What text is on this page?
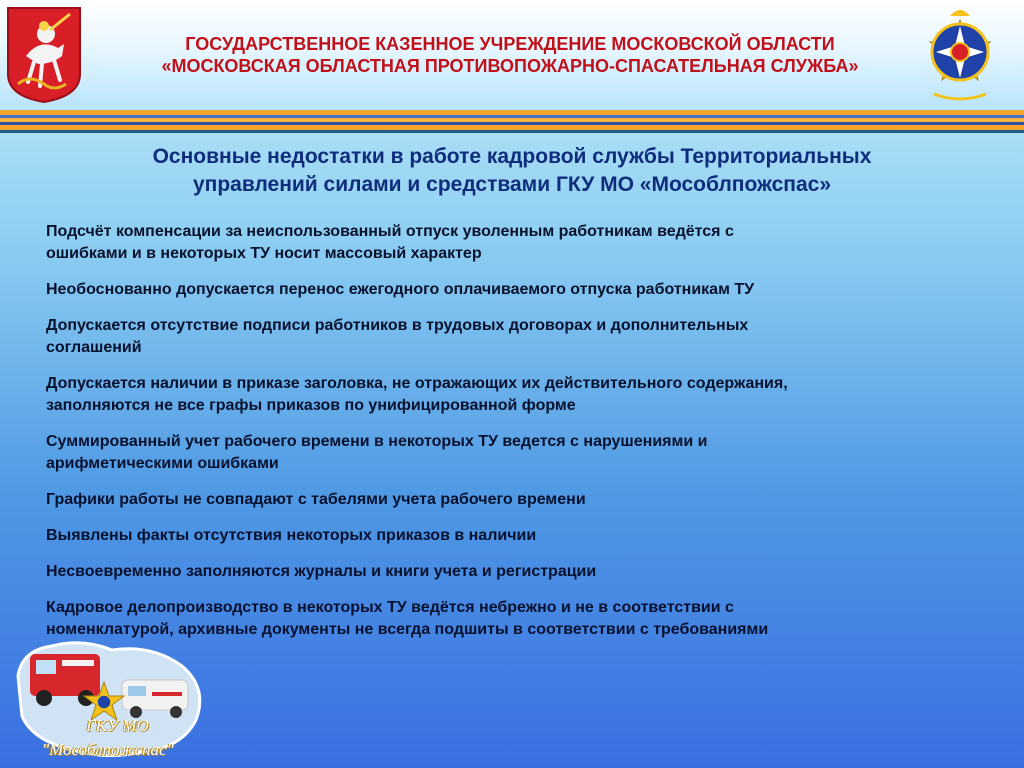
ГОСУДАРСТВЕННОЕ КАЗЕННОЕ УЧРЕЖДЕНИЕ МОСКОВСКОЙ ОБЛАСТИ

«МОСКОВСКАЯ ОБЛАСТНАЯ ПРОТИВОПОЖАРНО-СПАСАТЕЛЬНАЯ СЛУЖБА»

Основные недостатки в работе кадровой службы Территориальных
управлений силами и средствами ГКУ МО «Мособлпожспас»
Подсчёт компенсации за неиспользованный отпуск уволенным работникам ведётся с
ошибками и в некоторых ТУ носит массовый характер
Необоснованно допускается перенос ежегодного оплачиваемого отпуска работникам ТУ
Допускается отсутствие подписи работников в трудовых договорах и дополнительных
соглашений
Допускается наличии в приказе заголовка, не отражающих их действительного содержания,
заполняются не все графы приказов по унифицированной форме
Суммированный учет рабочего времени в некоторых ТУ ведется с нарушениями и
арифметическими ошибками
Графики работы не совпадают с табелями учета рабочего времени
Выявлены факты отсутствия некоторых приказов в наличии
Несвоевременно заполняются журналы и книги учета и регистрации
Кадровое делопроизводство в некоторых ТУ ведётся небрежно и не в соответствии с
номенклатурой, архивные документы не всегда подшиты в соответствии с требованиями
ГКУ МО
"Мособлпожспас"
